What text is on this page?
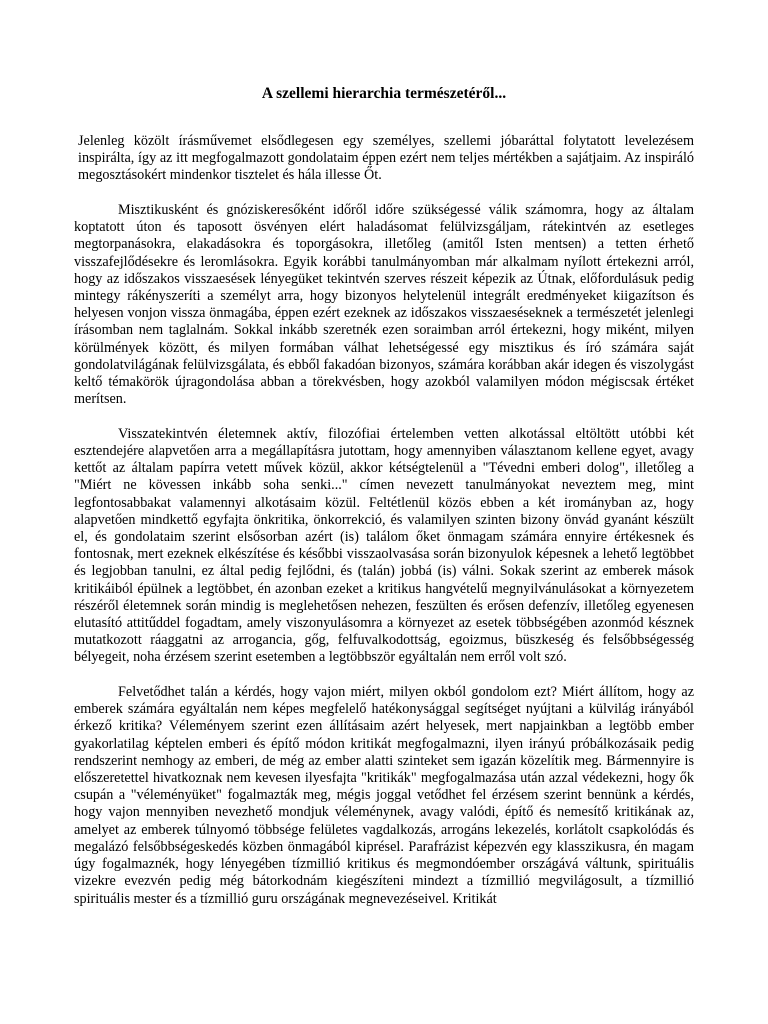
A szellemi hierarchia természetéről...

Jelenleg közölt írásművemet elsődlegesen egy személyes, szellemi jóbaráttal folytatott levelezésem inspirálta, így az itt megfogalmazott gondolataim éppen ezért nem teljes mértékben a sajátjaim. Az inspiráló megosztásokért mindenkor tisztelet és hála illesse Őt.

Misztikusként és gnóziskeresőként időről időre szükségessé válik számomra, hogy az általam koptatott úton és taposott ösvényen elért haladásomat felülvizsgáljam, rátekintvén az esetleges megtorpanásokra, elakadásokra és toporgásokra, illetőleg (amitől Isten mentsen) a tetten érhető visszafejlődésekre és leromlásokra. Egyik korábbi tanulmányomban már alkalmam nyílott értekezni arról, hogy az időszakos visszaesések lényegüket tekintvén szerves részeit képezik az Útnak, előfordulásuk pedig mintegy rákényszeríti a személyt arra, hogy bizonyos helytelenül integrált eredményeket kiigazítson és helyesen vonjon vissza önmagába, éppen ezért ezeknek az időszakos visszaeséseknek a természetét jelenlegi írásomban nem taglalnám. Sokkal inkább szeretnék ezen soraimban arról értekezni, hogy miként, milyen körülmények között, és milyen formában válhat lehetségessé egy misztikus és író számára saját gondolatvilágának felülvizsgálata, és ebből fakadóan bizonyos, számára korábban akár idegen és viszolygást keltő témakörök újragondolása abban a törekvésben, hogy azokból valamilyen módon mégiscsak értéket merítsen.

Visszatekintvén életemnek aktív, filozófiai értelemben vetten alkotással eltöltött utóbbi két esztendejére alapvetően arra a megállapításra jutottam, hogy amennyiben választanom kellene egyet, avagy kettőt az általam papírra vetett művek közül, akkor kétségtelenül a "Tévedni emberi dolog", illetőleg a "Miért ne kövessen inkább soha senki..." címen nevezett tanulmányokat neveztem meg, mint legfontosabbakat valamennyi alkotásaim közül. Feltétlenül közös ebben a két irományban az, hogy alapvetően mindkettő egyfajta önkritika, önkorrekció, és valamilyen szinten bizony önvád gyanánt készült el, és gondolataim szerint elsősorban azért (is) találom őket önmagam számára ennyire értékesnek és fontosnak, mert ezeknek elkészítése és későbbi visszaolvasása során bizonyulok képesnek a lehető legtöbbet és legjobban tanulni, ez által pedig fejlődni, és (talán) jobbá (is) válni. Sokak szerint az emberek mások kritikáiból épülnek a legtöbbet, én azonban ezeket a kritikus hangvételű megnyilvánulásokat a környezetem részéről életemnek során mindig is meglehetősen nehezen, feszülten és erősen defenzív, illetőleg egyenesen elutasító attitűddel fogadtam, amely viszonyulásomra a környezet az esetek többségében azonmód késznek mutatkozott ráaggatni az arrogancia, gőg, felfuvalkodottság, egoizmus, büszkeség és felsőbbségesség bélyegeit, noha érzésem szerint esetemben a legtöbbször egyáltalán nem erről volt szó.

Felvetődhet talán a kérdés, hogy vajon miért, milyen okból gondolom ezt? Miért állítom, hogy az emberek számára egyáltalán nem képes megfelelő hatékonysággal segítséget nyújtani a külvilág irányából érkező kritika? Véleményem szerint ezen állításaim azért helyesek, mert napjainkban a legtöbb ember gyakorlatilag képtelen emberi és építő módon kritikát megfogalmazni, ilyen irányú próbálkozásaik pedig rendszerint nemhogy az emberi, de még az ember alatti szinteket sem igazán közelítik meg. Bármennyire is előszeretettel hivatkoznak nem kevesen ilyesfajta "kritikák" megfogalmazása után azzal védekezni, hogy ők csupán a "véleményüket" fogalmazták meg, mégis joggal vetődhet fel érzésem szerint bennünk a kérdés, hogy vajon mennyiben nevezhető mondjuk véleménynek, avagy valódi, építő és nemesítő kritikának az, amelyet az emberek túlnyomó többsége felületes vagdalkozás, arrogáns lekezelés, korlátolt csapkolódás és megalázó felsőbbségeskedés közben önmagából kiprésel. Parafrázist képezvén egy klasszikusra, én magam úgy fogalmaznék, hogy lényegében tízmillió kritikus és megmondóember országává váltunk, spirituális vizekre evezvén pedig még bátorkodnám kiegészíteni mindezt a tízmillió megvilágosult, a tízmillió spirituális mester és a tízmillió guru országának megnevezéseivel. Kritikát
